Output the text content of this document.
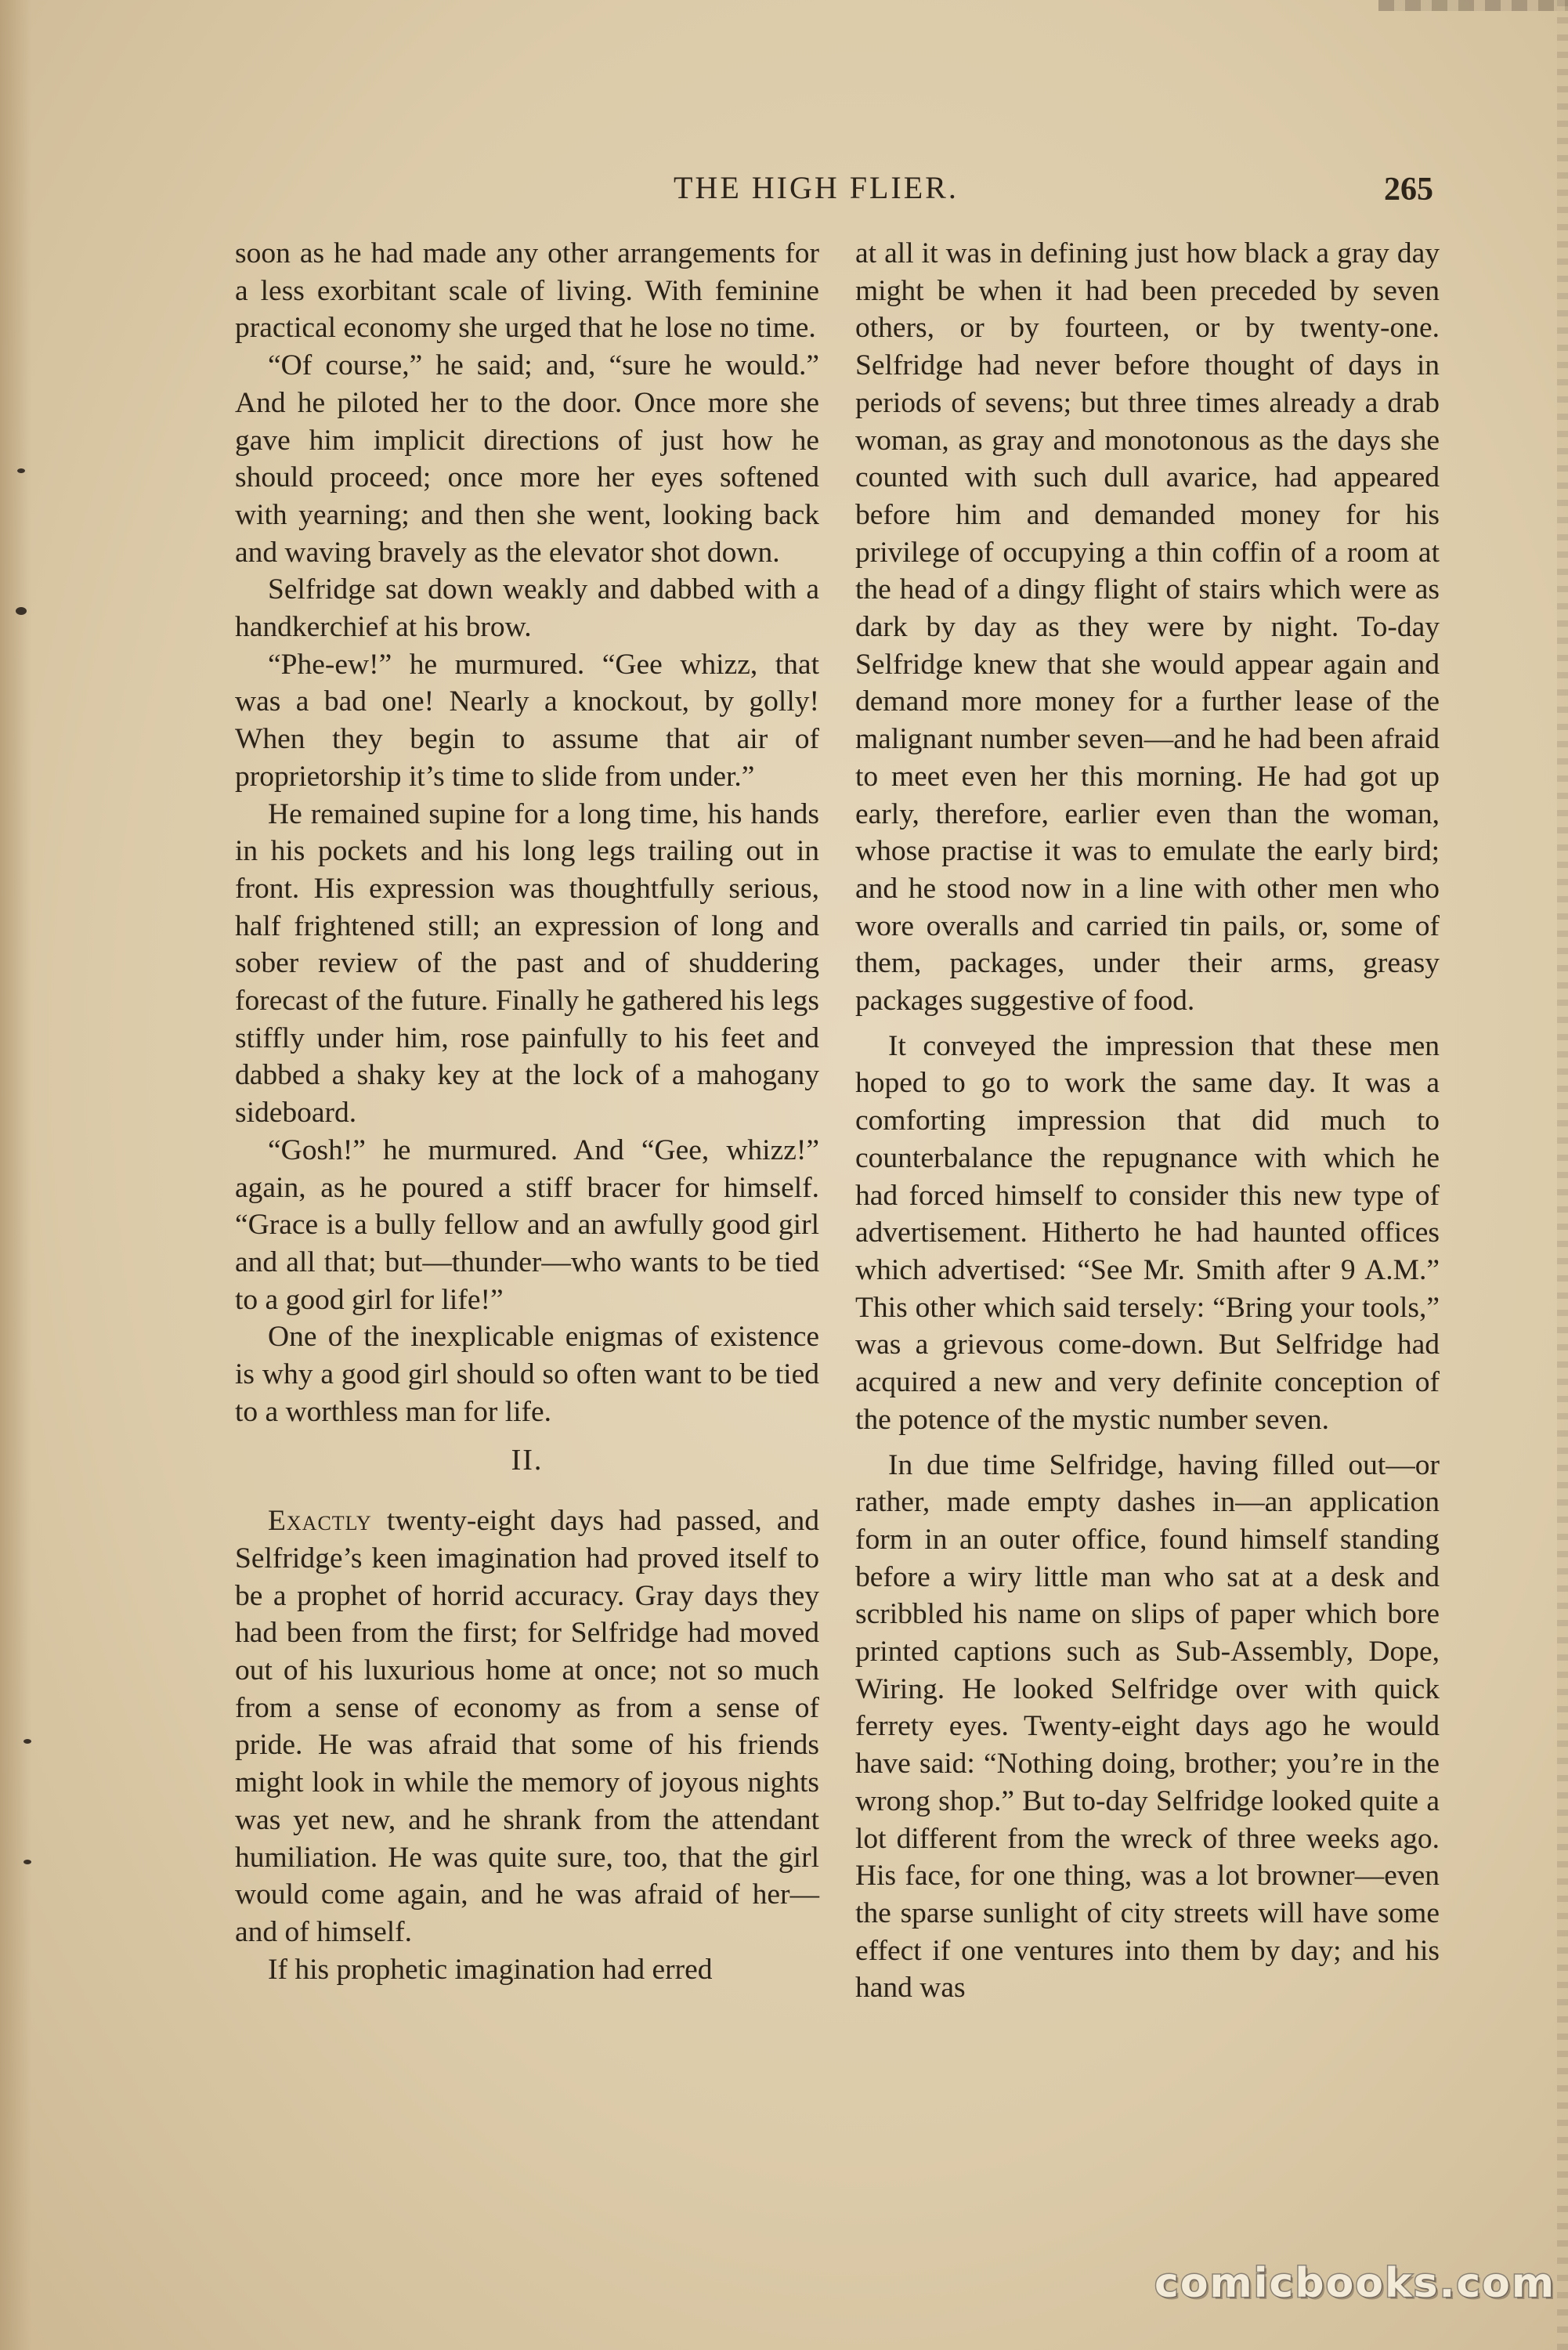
THE HIGH FLIER.	265

soon as he had made any other arrangements for a less exorbitant scale of living. With feminine practical economy she urged that he lose no time.

“Of course,” he said; and, “sure he would.” And he piloted her to the door. Once more she gave him implicit directions of just how he should proceed; once more her eyes softened with yearning; and then she went, looking back and waving bravely as the elevator shot down.

Selfridge sat down weakly and dabbed with a handkerchief at his brow.

“Phe-ew!” he murmured. “Gee whizz, that was a bad one! Nearly a knockout, by golly! When they begin to assume that air of proprietorship it’s time to slide from under.”

He remained supine for a long time, his hands in his pockets and his long legs trailing out in front. His expression was thoughtfully serious, half frightened still; an expression of long and sober review of the past and of shuddering forecast of the future. Finally he gathered his legs stiffly under him, rose painfully to his feet and dabbed a shaky key at the lock of a mahogany sideboard.

“Gosh!” he murmured. And “Gee, whizz!” again, as he poured a stiff bracer for himself. “Grace is a bully fellow and an awfully good girl and all that; but—thunder—who wants to be tied to a good girl for life!”

One of the inexplicable enigmas of existence is why a good girl should so often want to be tied to a worthless man for life.

II.

Exactly twenty-eight days had passed, and Selfridge’s keen imagination had proved itself to be a prophet of horrid accuracy. Gray days they had been from the first; for Selfridge had moved out of his luxurious home at once; not so much from a sense of economy as from a sense of pride. He was afraid that some of his friends might look in while the memory of joyous nights was yet new, and he shrank from the attendant humiliation. He was quite sure, too, that the girl would come again, and he was afraid of her—and of himself.

If his prophetic imagination had erred

at all it was in defining just how black a gray day might be when it had been preceded by seven others, or by fourteen, or by twenty-one. Selfridge had never before thought of days in periods of sevens; but three times already a drab woman, as gray and monotonous as the days she counted with such dull avarice, had appeared before him and demanded money for his privilege of occupying a thin coffin of a room at the head of a dingy flight of stairs which were as dark by day as they were by night. To-day Selfridge knew that she would appear again and demand more money for a further lease of the malignant number seven—and he had been afraid to meet even her this morning. He had got up early, therefore, earlier even than the woman, whose practise it was to emulate the early bird; and he stood now in a line with other men who wore overalls and carried tin pails, or, some of them, packages, under their arms, greasy packages suggestive of food.

It conveyed the impression that these men hoped to go to work the same day. It was a comforting impression that did much to counterbalance the repugnance with which he had forced himself to consider this new type of advertisement. Hitherto he had haunted offices which advertised: “See Mr. Smith after 9 A.M.” This other which said tersely: “Bring your tools,” was a grievous come-down. But Selfridge had acquired a new and very definite conception of the potence of the mystic number seven.

In due time Selfridge, having filled out—or rather, made empty dashes in—an application form in an outer office, found himself standing before a wiry little man who sat at a desk and scribbled his name on slips of paper which bore printed captions such as Sub-Assembly, Dope, Wiring. He looked Selfridge over with quick ferrety eyes. Twenty-eight days ago he would have said: “Nothing doing, brother; you’re in the wrong shop.” But to-day Selfridge looked quite a lot different from the wreck of three weeks ago. His face, for one thing, was a lot browner—even the sparse sunlight of city streets will have some effect if one ventures into them by day; and his hand was

comicbooks.com
